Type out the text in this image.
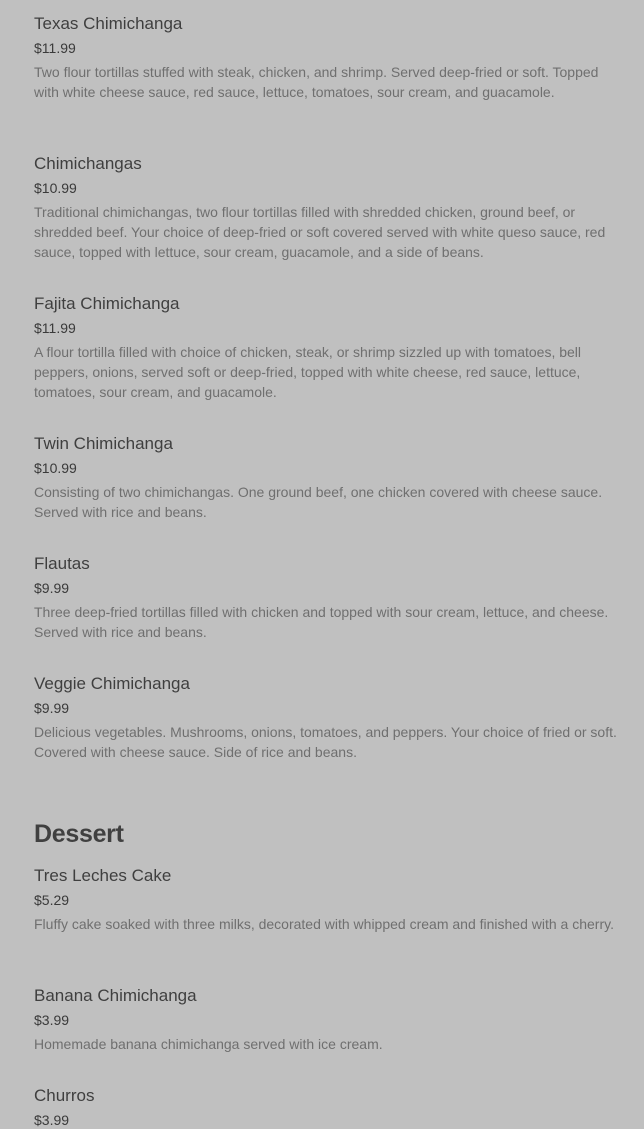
Texas Chimichanga
$11.99
Two flour tortillas stuffed with steak, chicken, and shrimp. Served deep-fried or soft. Topped with white cheese sauce, red sauce, lettuce, tomatoes, sour cream, and guacamole.
Chimichangas
$10.99
Traditional chimichangas, two flour tortillas filled with shredded chicken, ground beef, or shredded beef. Your choice of deep-fried or soft covered served with white queso sauce, red sauce, topped with lettuce, sour cream, guacamole, and a side of beans.
Fajita Chimichanga
$11.99
A flour tortilla filled with choice of chicken, steak, or shrimp sizzled up with tomatoes, bell peppers, onions, served soft or deep-fried, topped with white cheese, red sauce, lettuce, tomatoes, sour cream, and guacamole.
Twin Chimichanga
$10.99
Consisting of two chimichangas. One ground beef, one chicken covered with cheese sauce. Served with rice and beans.
Flautas
$9.99
Three deep-fried tortillas filled with chicken and topped with sour cream, lettuce, and cheese. Served with rice and beans.
Veggie Chimichanga
$9.99
Delicious vegetables. Mushrooms, onions, tomatoes, and peppers. Your choice of fried or soft. Covered with cheese sauce. Side of rice and beans.
Dessert
Tres Leches Cake
$5.29
Fluffy cake soaked with three milks, decorated with whipped cream and finished with a cherry.
Banana Chimichanga
$3.99
Homemade banana chimichanga served with ice cream.
Churros
$3.99
